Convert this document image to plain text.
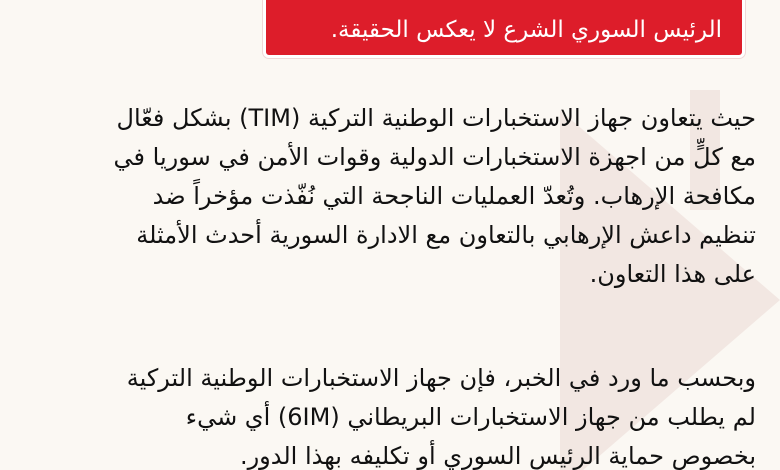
الرئيس السوري الشرع لا يعكس الحقيقة.
حيث يتعاون جهاز الاستخبارات الوطنية التركية (TIM) بشكل فعّال
مع كلٍّ من اجهزة الاستخبارات الدولية وقوات الأمن في سوريا في
مكافحة الإرهاب. وتُعدّ العمليات الناجحة التي نُفّذت مؤخراً ضد
تنظيم داعش الإرهابي بالتعاون مع الادارة السورية أحدث الأمثلة
على هذا التعاون.
وبحسب ما ورد في الخبر، فإن جهاز الاستخبارات الوطنية التركية
لم يطلب من جهاز الاستخبارات البريطاني (6IM) أي شيء
بخصوص حماية الرئيس السوري أو تكليفه بهذا الدور.
